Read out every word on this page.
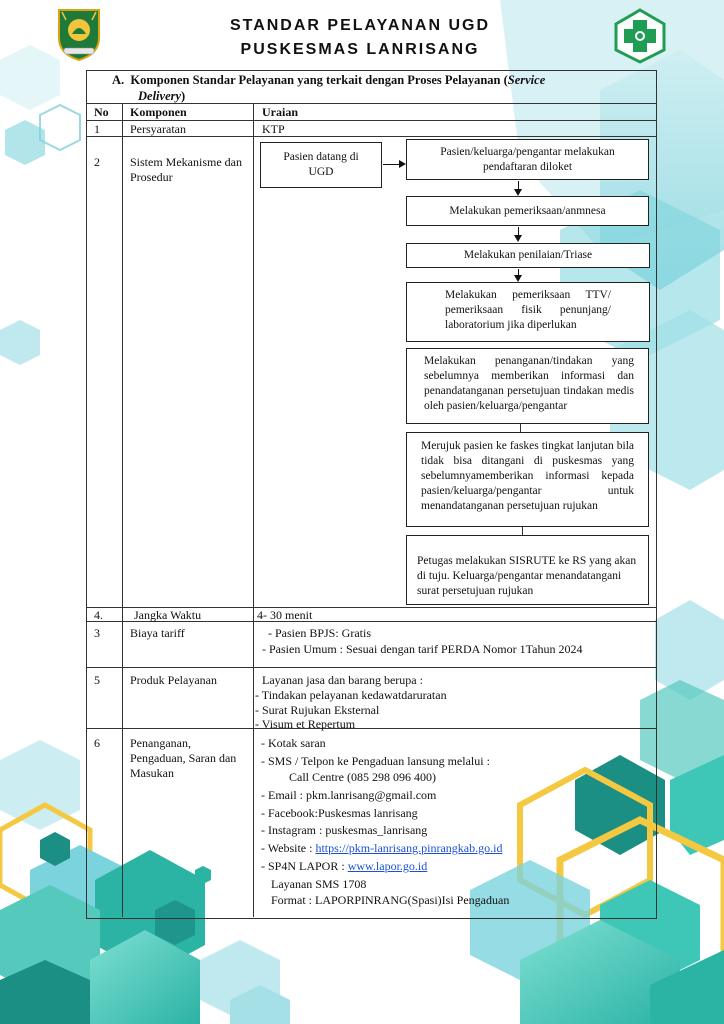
STANDAR PELAYANAN UGD
PUSKESMAS LANRISANG
A. Komponen Standar Pelayanan yang terkait dengan Proses Pelayanan (Service
Delivery)
No Komponen	Uraian
1	Persyaratan	KTP
2	Sistem Mekanisme dan Prosedur
Pasien datang di UGD
Pasien/keluarga/pengantar melakukan pendaftaran diloket
Melakukan pemeriksaan/anmnesa
Melakukan penilaian/Triase
Melakukan pemeriksaan TTV/ pemeriksaan fisik penunjang/ laboratorium jika diperlukan
Melakukan penanganan/tindakan yang sebelumnya memberikan informasi dan penandatanganan persetujuan tindakan medis oleh pasien/keluarga/pengantar
Merujuk pasien ke faskes tingkat lanjutan bila tidak bisa ditangani di puskesmas yang sebelumnyamemberikan informasi kepada pasien/keluarga/pengantar untuk menandatanganan persetujuan rujukan
Petugas melakukan SISRUTE ke RS yang akan di tuju. Keluarga/pengantar menandatangani surat persetujuan rujukan
4.	Jangka Waktu	4- 30 menit
3	Biaya tariff	- Pasien BPJS: Gratis
- Pasien Umum : Sesuai dengan tarif PERDA Nomor 1Tahun 2024
5	Produk Pelayanan	Layanan jasa dan barang berupa :
- Tindakan pelayanan kedawatdaruratan
- Surat Rujukan Eksternal
- Visum et Repertum
6	Penanganan, Pengaduan, Saran dan Masukan
- Kotak saran
- SMS / Telpon ke Pengaduan lansung melalui :
Call Centre (085 298 096 400)
- Email : pkm.lanrisang@gmail.com
- Facebook:Puskesmas lanrisang
- Instagram : puskesmas_lanrisang
- Website : https://pkm-lanrisang.pinrangkab.go.id
- SP4N LAPOR : www.lapor.go.id
Layanan SMS 1708
Format : LAPORPINRANG(Spasi)Isi Pengaduan
